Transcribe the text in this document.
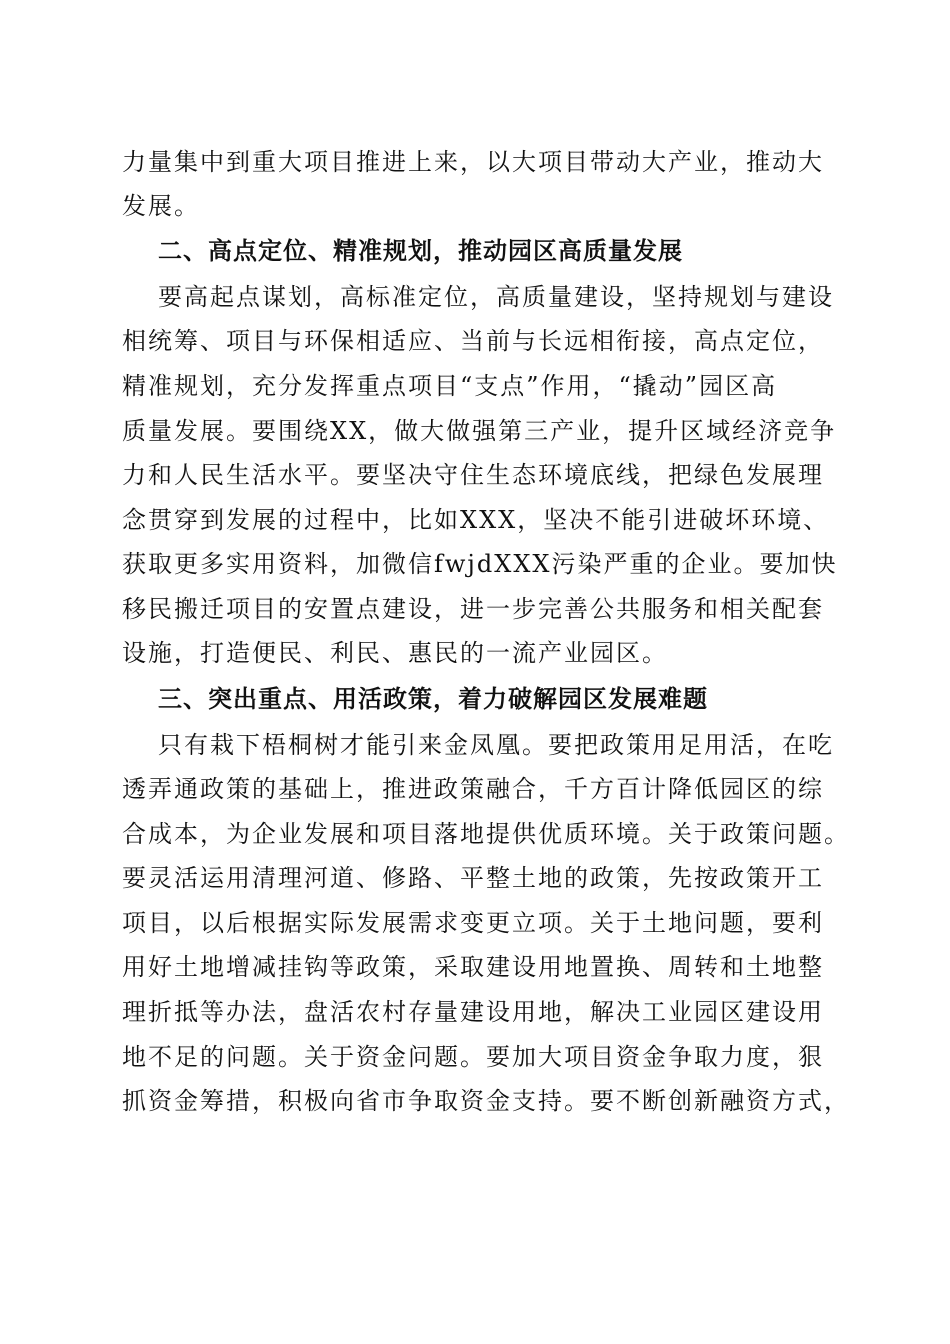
力量集中到重大项目推进上来，以大项目带动大产业，推动大
发展。
二、高点定位、精准规划，推动园区高质量发展
要高起点谋划，高标准定位，高质量建设，坚持规划与建设
相统筹、项目与环保相适应、当前与长远相衔接，高点定位，
精准规划，充分发挥重点项目“支点”作用，“撬动”园区高
质量发展。要围绕XX，做大做强第三产业，提升区域经济竞争
力和人民生活水平。要坚决守住生态环境底线，把绿色发展理
念贯穿到发展的过程中，比如XXX，坚决不能引进破坏环境、
获取更多实用资料，加微信fwjdXXX污染严重的企业。要加快
移民搬迁项目的安置点建设，进一步完善公共服务和相关配套
设施，打造便民、利民、惠民的一流产业园区。
三、突出重点、用活政策，着力破解园区发展难题
只有栽下梧桐树才能引来金凤凰。要把政策用足用活，在吃
透弄通政策的基础上，推进政策融合，千方百计降低园区的综
合成本，为企业发展和项目落地提供优质环境。关于政策问题。
要灵活运用清理河道、修路、平整土地的政策，先按政策开工
项目，以后根据实际发展需求变更立项。关于土地问题，要利
用好土地增减挂钩等政策，采取建设用地置换、周转和土地整
理折抵等办法，盘活农村存量建设用地，解决工业园区建设用
地不足的问题。关于资金问题。要加大项目资金争取力度，狠
抓资金筹措，积极向省市争取资金支持。要不断创新融资方式，
